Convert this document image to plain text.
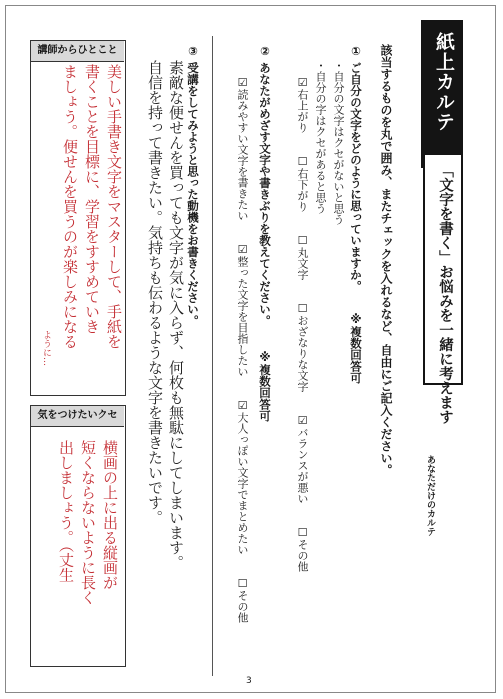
紙上カルテ
「文字を書く」お悩みを一緒に考えます
あなただけのカルテ
該当するものを丸で囲み、またチェックを入れるなど、自由にご記入ください。
① ご自分の文字をどのように思っていますか。
※複数回答可
・自分の文字はクセがないと思う
・自分の字はクセがあると思う
☑右上がり　　☐右下がり　　☐丸文字　　☐おざなりな文字　　☑バランスが悪い　　☐その他
② あなたがめざす文字や書きぶりを教えてください。
※複数回答可
☑読みやすい文字を書きたい　　☑整った文字を目指したい　　☑大人っぽい文字でまとめたい　　☐その他
③ 受講をしてみようと思った動機をお書きください。
素敵な便せんを買っても文字が気に入らず、何枚も無駄にしてしまいます。
自信を持って書きたい。気持ちも伝わるような文字を書きたいです。
講師からひとこと
美しい手書き文字をマスターして、手紙を
書くことを目標に、学習をすすめていき
ましょう。便せんを買うのが楽しみになる
ように…
気をつけたいクセ
横画の上に出る縦画が
短くならないように長く
出しましょう。（丈生
3
